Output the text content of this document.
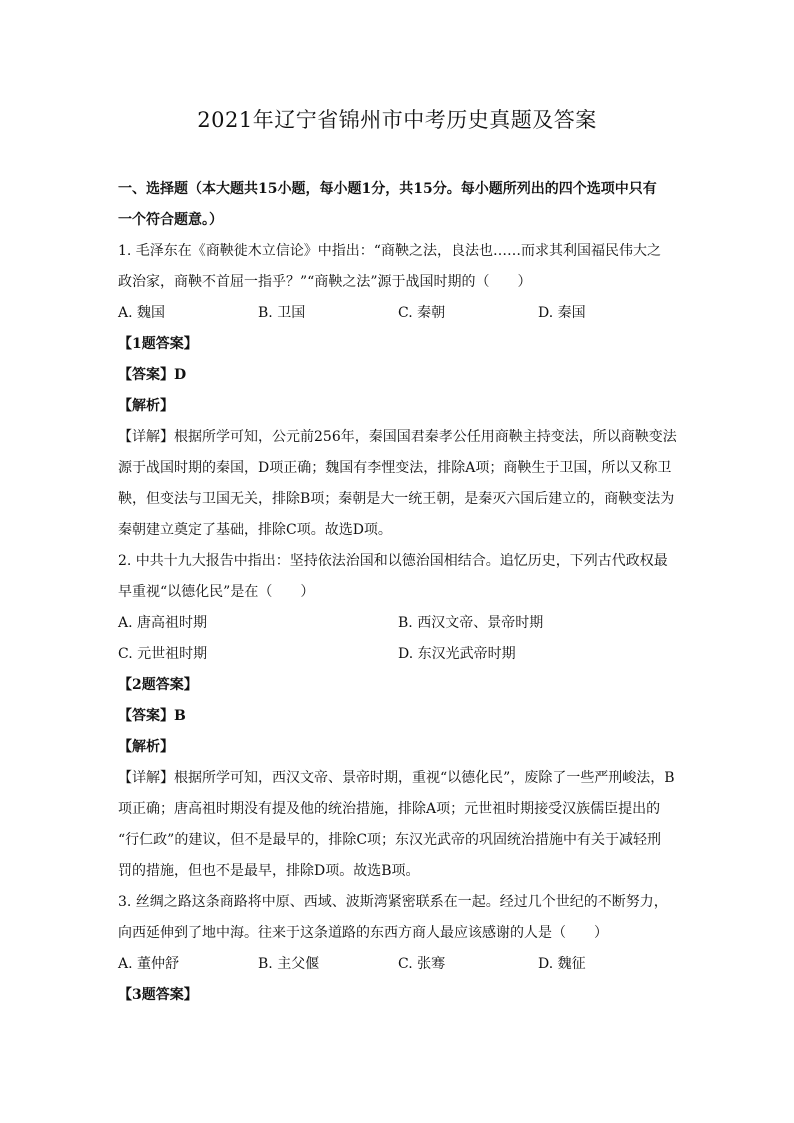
2021年辽宁省锦州市中考历史真题及答案
一、选择题（本大题共15小题，每小题1分，共15分。每小题所列出的四个选项中只有
一个符合题意。）
1. 毛泽东在《商鞅徙木立信论》中指出：“商鞅之法，良法也……而求其利国福民伟大之
政治家，商鞅不首屈一指乎？”“商鞅之法”源于战国时期的（　　）
A. 魏国	B. 卫国	C. 秦朝	D. 秦国
【1题答案】
【答案】D
【解析】
【详解】根据所学可知，公元前256年，秦国国君秦孝公任用商鞅主持变法，所以商鞅变法
源于战国时期的秦国，D项正确；魏国有李悝变法，排除A项；商鞅生于卫国，所以又称卫
鞅，但变法与卫国无关，排除B项；秦朝是大一统王朝，是秦灭六国后建立的，商鞅变法为
秦朝建立奠定了基础，排除C项。故选D项。
2. 中共十九大报告中指出：坚持依法治国和以德治国相结合。追忆历史，下列古代政权最
早重视“以德化民”是在（　　）
A. 唐高祖时期	B. 西汉文帝、景帝时期
C. 元世祖时期	D. 东汉光武帝时期
【2题答案】
【答案】B
【解析】
【详解】根据所学可知，西汉文帝、景帝时期，重视“以德化民”，废除了一些严刑峻法，B
项正确；唐高祖时期没有提及他的统治措施，排除A项；元世祖时期接受汉族儒臣提出的
“行仁政”的建议，但不是最早的，排除C项；东汉光武帝的巩固统治措施中有关于减轻刑
罚的措施，但也不是最早，排除D项。故选B项。
3. 丝绸之路这条商路将中原、西域、波斯湾紧密联系在一起。经过几个世纪的不断努力，
向西延伸到了地中海。往来于这条道路的东西方商人最应该感谢的人是（　　）
A. 董仲舒	B. 主父偃	C. 张骞	D. 魏征
【3题答案】
